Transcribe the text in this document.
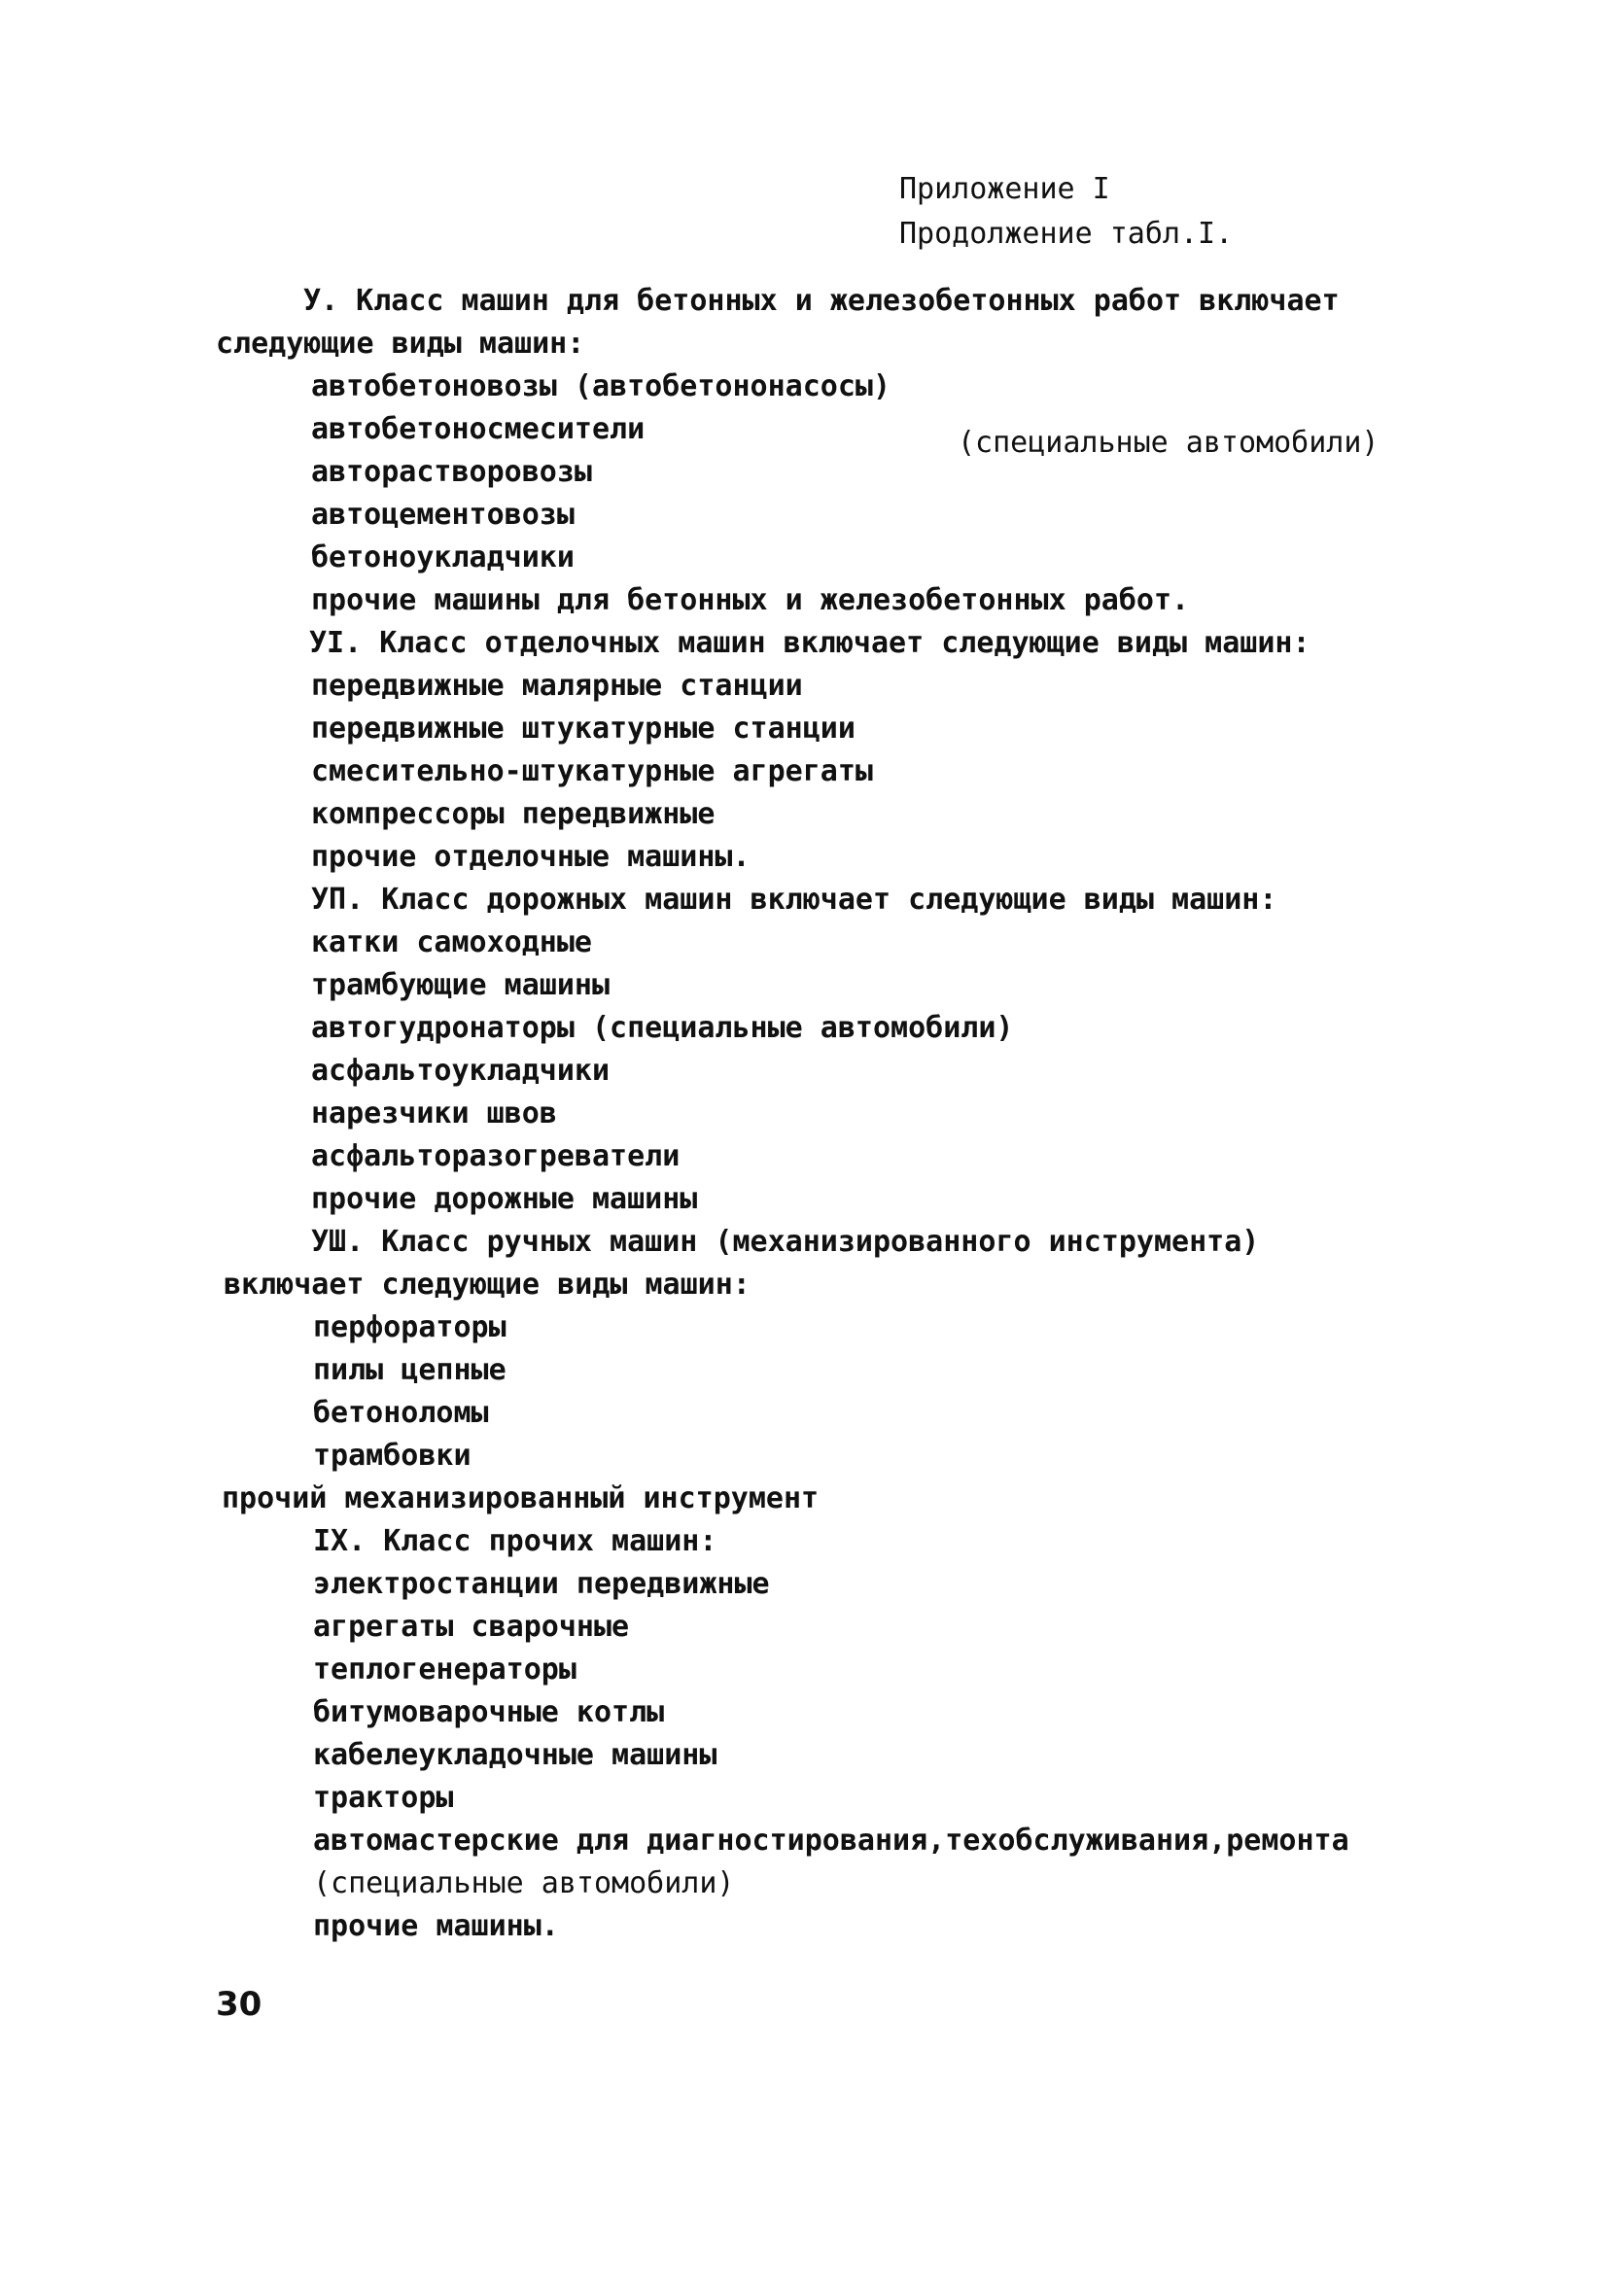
Приложение I
Продолжение табл.I.
У. Класс машин для бетонных и железобетонных работ включает
следующие виды машин:
автобетоновозы (автобетононасосы)
автобетоносмесители
авторастворовозы
автоцементовозы
бетоноукладчики
прочие машины для бетонных и железобетонных работ.
УI. Класс отделочных машин включает следующие виды машин:
передвижные малярные станции
передвижные штукатурные станции
смесительно-штукатурные агрегаты
компрессоры передвижные
прочие отделочные машины.
УП. Класс дорожных машин включает следующие виды машин:
катки самоходные
трамбующие машины
автогудронаторы (специальные автомобили)
асфальтоукладчики
нарезчики швов
асфальторазогреватели
прочие дорожные машины
УШ. Класс ручных машин (механизированного инструмента)
включает следующие виды машин:
перфораторы
пилы цепные
бетоноломы
трамбовки
прочий механизированный инструмент
IX. Класс прочих машин:
электростанции передвижные
агрегаты сварочные
теплогенераторы
битумоварочные котлы
кабелеукладочные машины
тракторы
автомастерские для диагностирования,техобслуживания,ремонта
(специальные автомобили)
прочие машины.
(специальные автомобили)
30
